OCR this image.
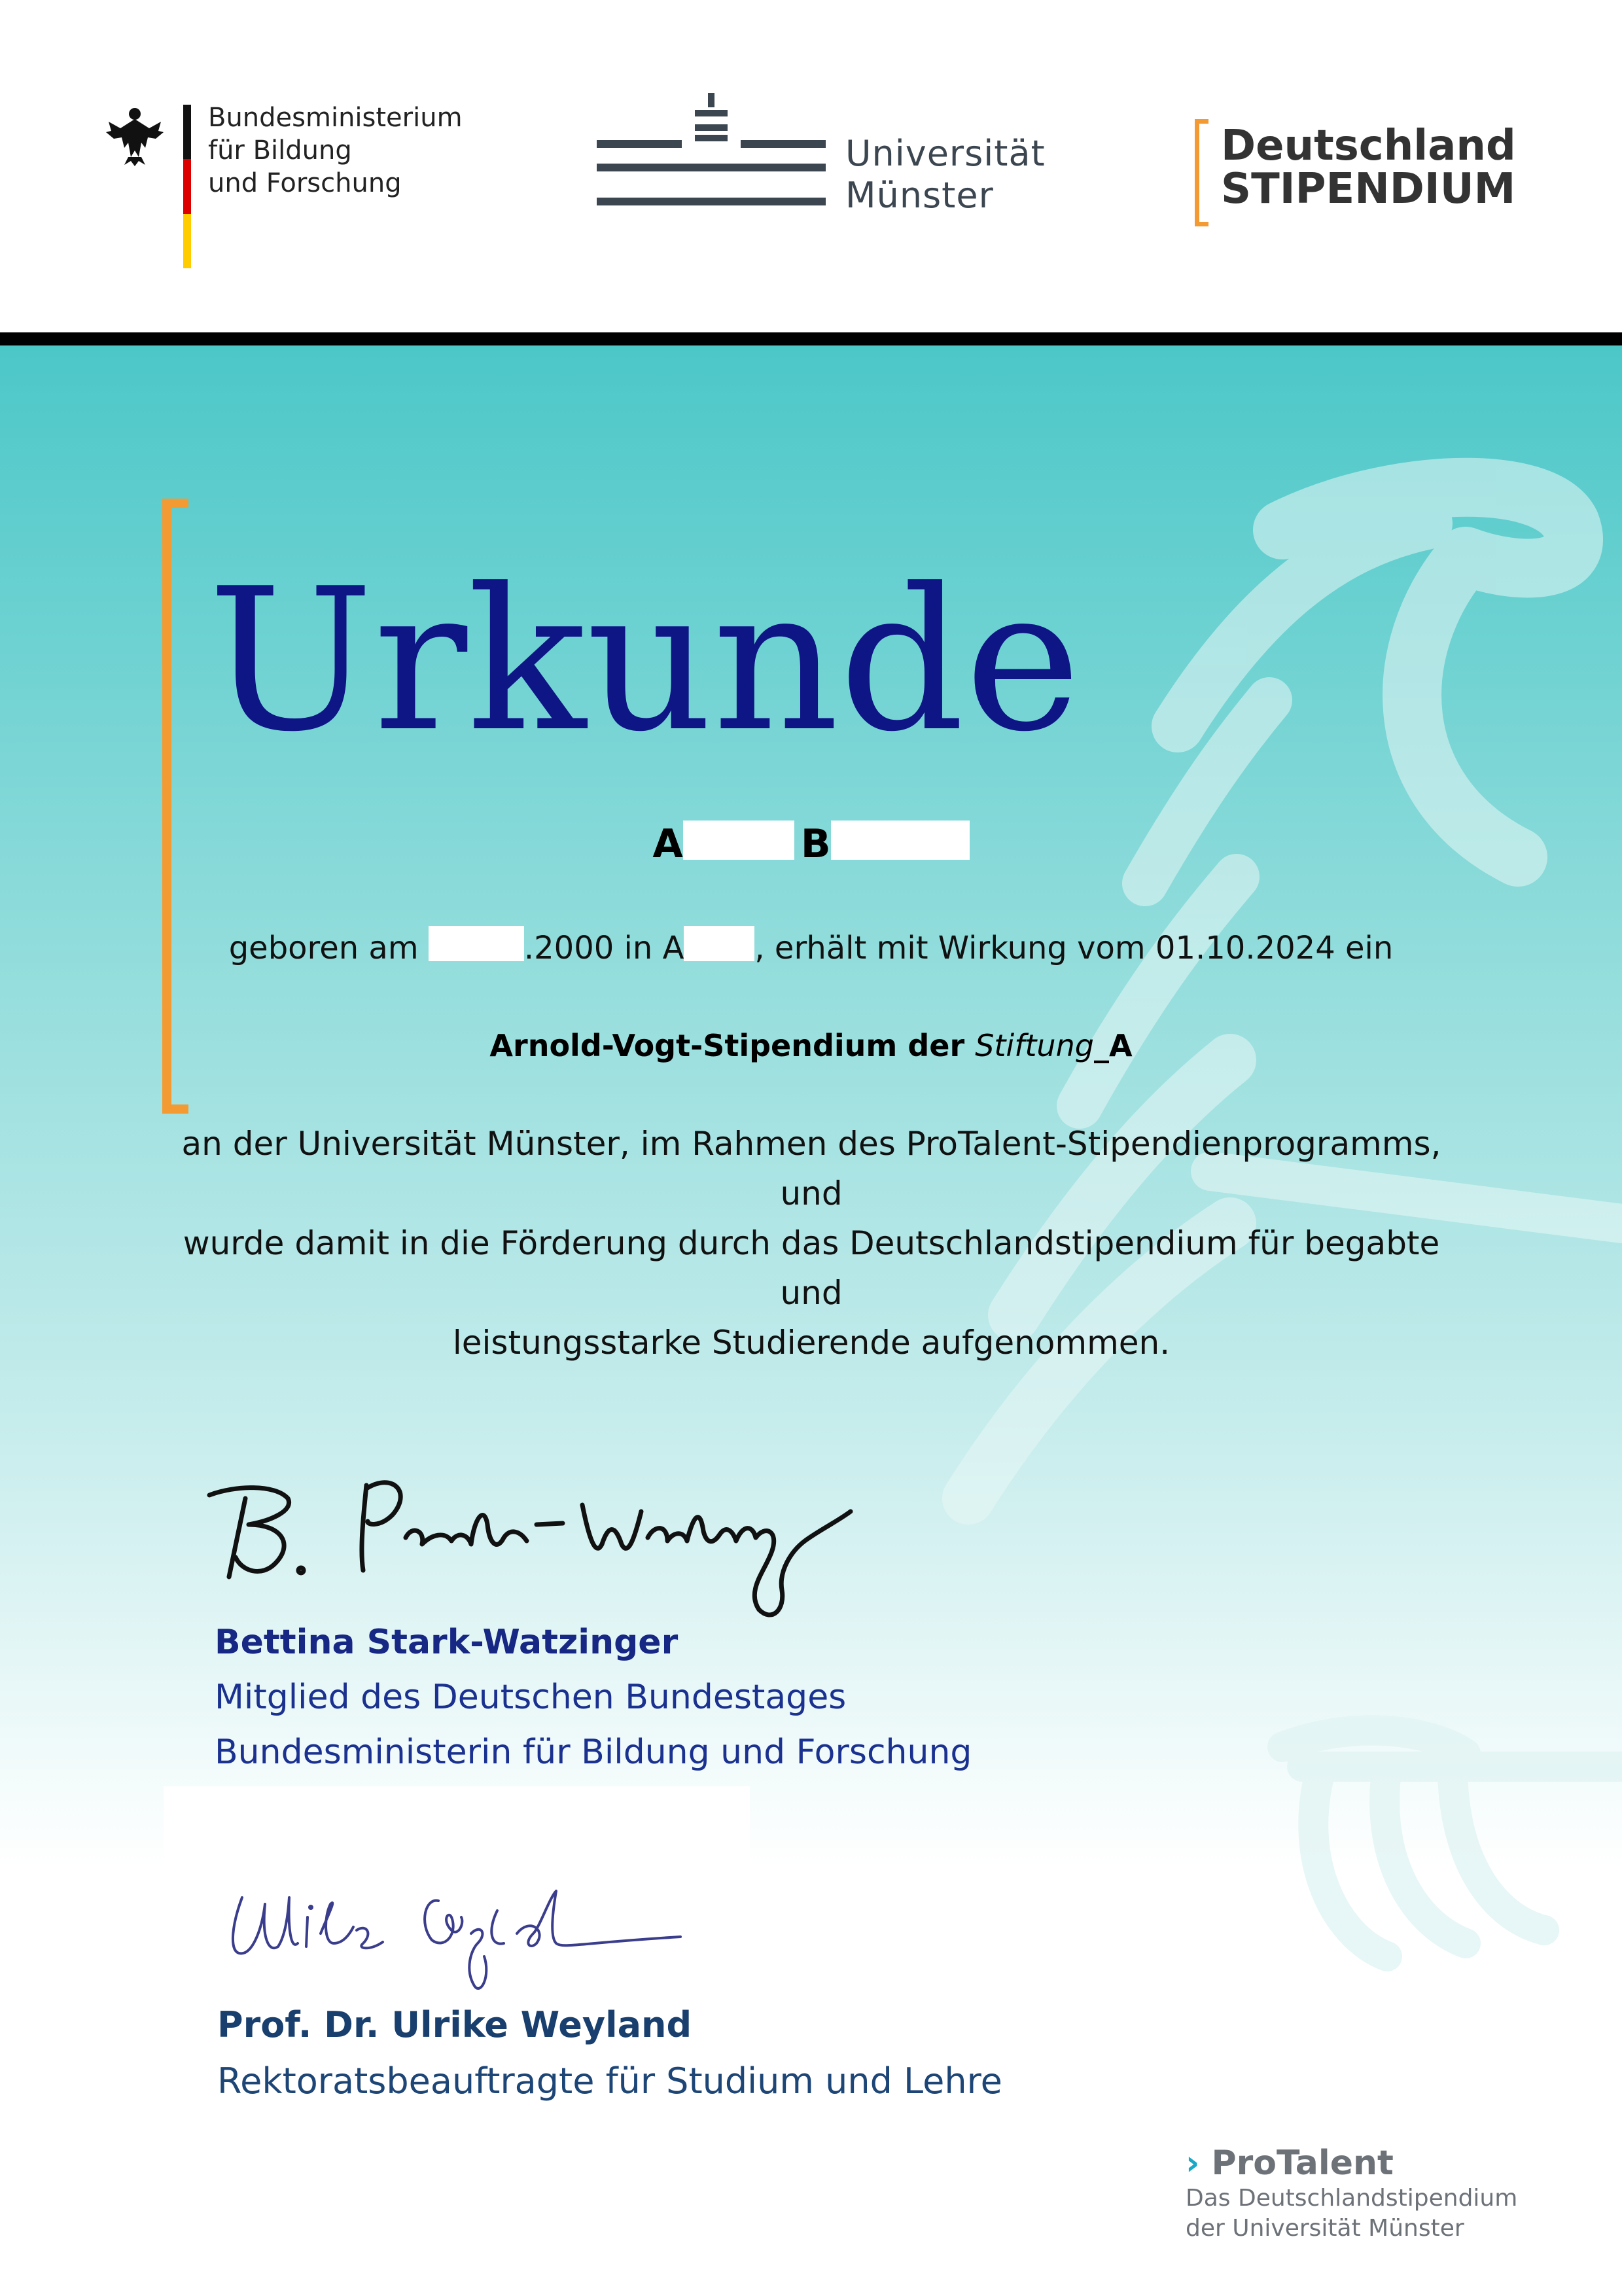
Bundesministerium
für Bildung
und Forschung
Universität
Münster
Deutschland
STIPENDIUM
Urkunde
A	B
geboren am	.2000 in A , erhält mit Wirkung vom 01.10.2024 ein
Arnold-Vogt-Stipendium der Stiftung_A
an der Universität Münster, im Rahmen des ProTalent-Stipendienprogramms, und
wurde damit in die Förderung durch das Deutschlandstipendium für begabte und
leistungsstarke Studierende aufgenommen.
Bettina Stark-Watzinger
Mitglied des Deutschen Bundestages
Bundesministerin für Bildung und Forschung
Prof. Dr. Ulrike Weyland
Rektoratsbeauftragte für Studium und Lehre
› ProTalent
Das Deutschlandstipendium
der Universität Münster
